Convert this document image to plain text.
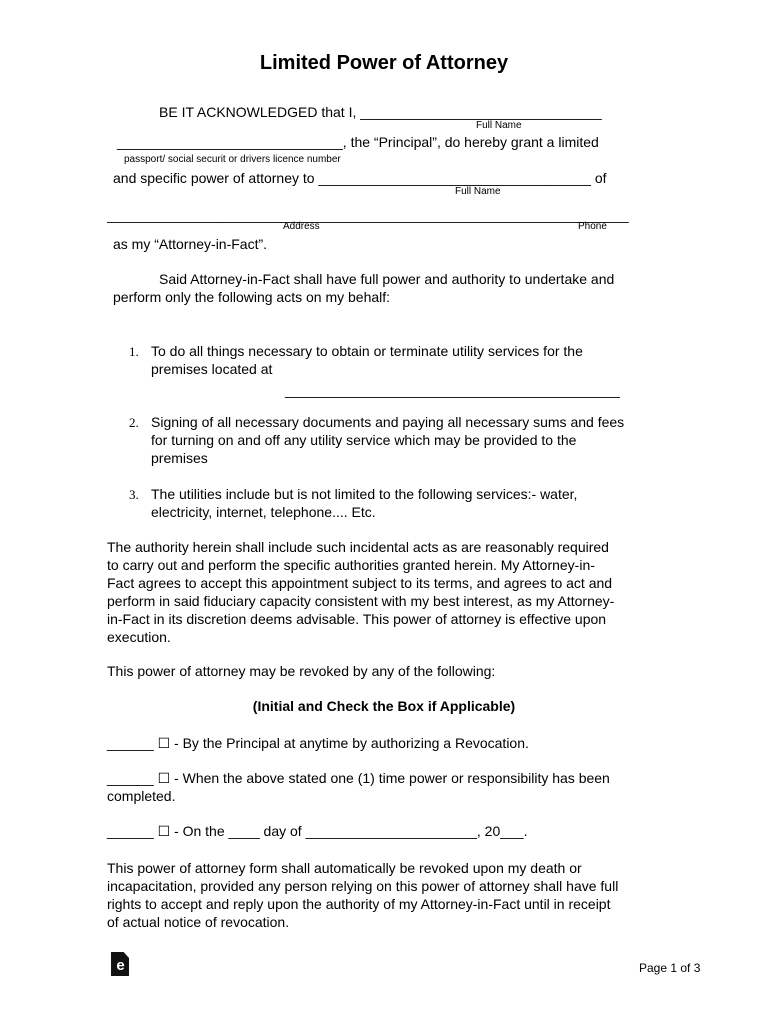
Limited Power of Attorney
BE IT ACKNOWLEDGED that I, _______________________________
Full Name
_____________________________, the “Principal”, do hereby grant a limited
passport/ social securit or drivers licence number
and specific power of attorney to ___________________________________ of
Full Name
___________________________________________________________________
Address	Phone
as my “Attorney-in-Fact”.
Said Attorney-in-Fact shall have full power and authority to undertake and
perform only the following acts on my behalf:
1. To do all things necessary to obtain or terminate utility services for the
premises located at
___________________________________________
2. Signing of all necessary documents and paying all necessary sums and fees
for turning on and off any utility service which may be provided to the
premises
3. The utilities include but is not limited to the following services:- water,
electricity, internet, telephone.... Etc.
The authority herein shall include such incidental acts as are reasonably required
to carry out and perform the specific authorities granted herein. My Attorney-in-
Fact agrees to accept this appointment subject to its terms, and agrees to act and
perform in said fiduciary capacity consistent with my best interest, as my Attorney-
in-Fact in its discretion deems advisable. This power of attorney is effective upon
execution.
This power of attorney may be revoked by any of the following:
(Initial and Check the Box if Applicable)
______ ☐ - By the Principal at anytime by authorizing a Revocation.
______ ☐ - When the above stated one (1) time power or responsibility has been
completed.
______ ☐ - On the ____ day of ______________________, 20___.
This power of attorney form shall automatically be revoked upon my death or
incapacitation, provided any person relying on this power of attorney shall have full
rights to accept and reply upon the authority of my Attorney-in-Fact until in receipt
of actual notice of revocation.
e	Page 1 of 3
